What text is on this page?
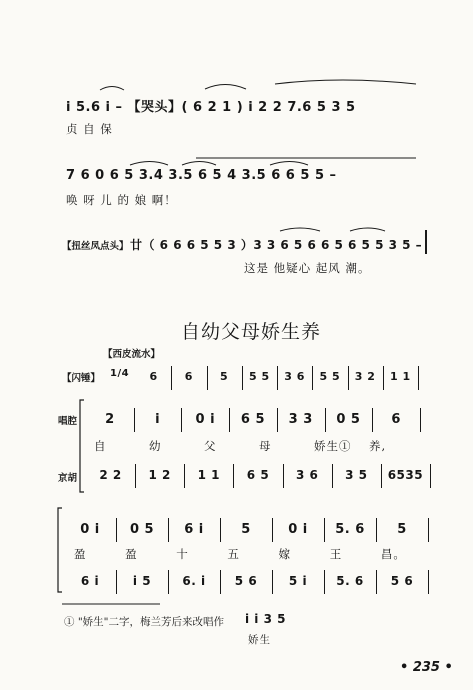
i 5.6 i – 【哭头】( 6 2 1 ) i 2 2 7.6 5 3 5
贞 自 保
7 6 0 6 5 3.4 3.5 6 5 4 3.5 6 6 5 5 –
唤 呀 儿 的 娘 啊！
【扭丝凤点头】 廿（ 6 6 6 5 5 3 ）3 3 6 5 6 6 5 6 5 5 3 5 –
这是 他疑心 起风 潮。
自幼父母娇生养
【西皮流水】
【闪锤】 1/4	6	6	5	5 5	3 6	5 5	3 2	1 1
唱腔
京胡
2	i	0 i	6 5	3 3	0 5	6
自	幼	父	母	娇生① 养,
2 2	1 2	1 1	6 5	3 6	3 5	6535
0 i	0 5	6 i	5	0 i	5. 6	5
盈	盈	十	五	嫁	王	昌。
6 i	i 5	6. i	5 6	5 i	5. 6	5 6
① "娇生"二字，梅兰芳后来改唱作 i i 3 5
娇生
• 235 •
